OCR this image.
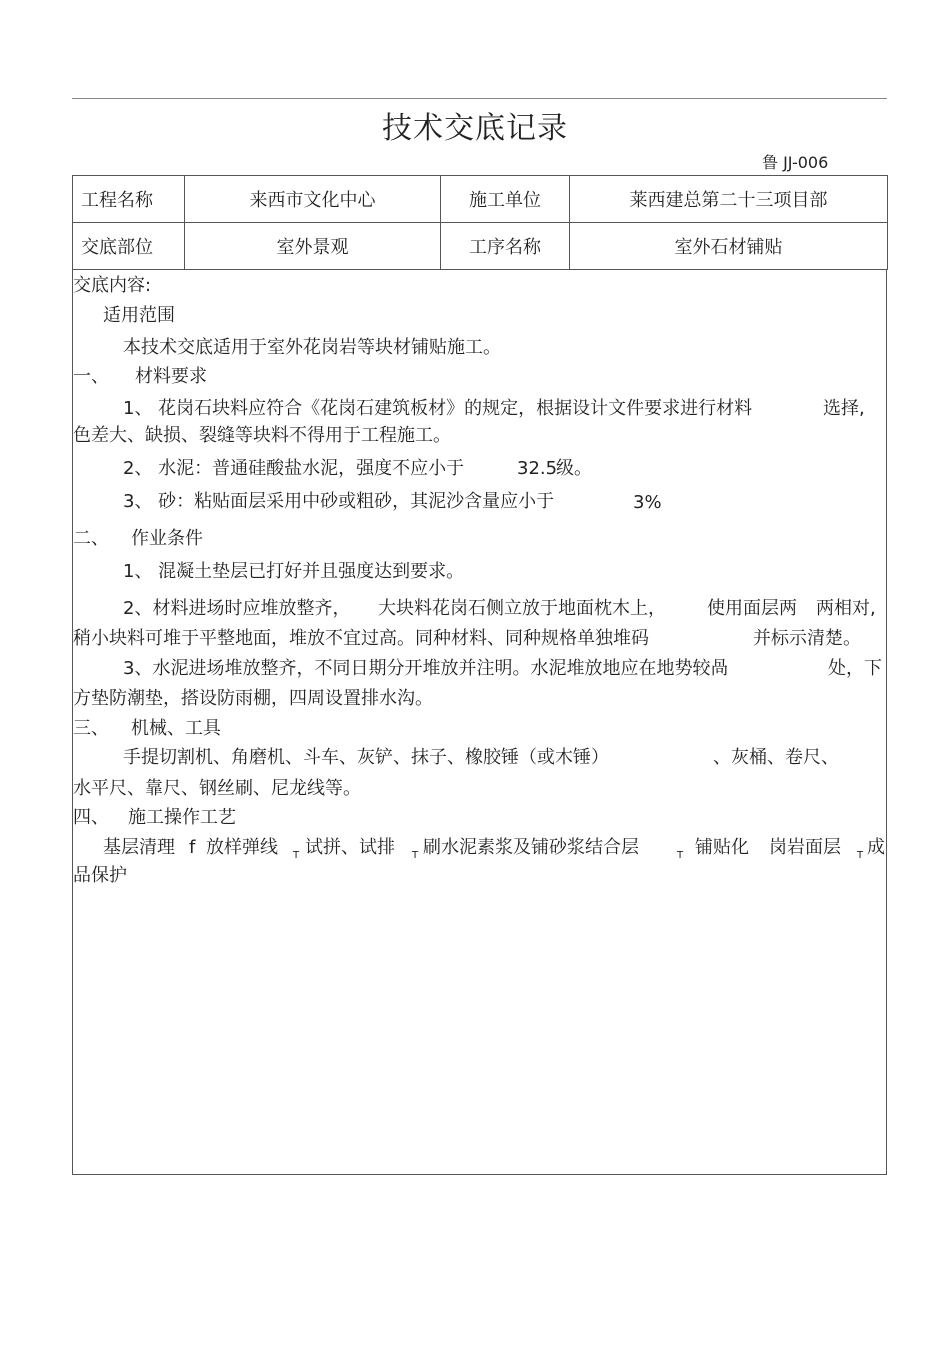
技术交底记录
鲁 JJ-006
工程名称	来西市文化中心	施工单位	莱西建总第二十三项目部
交底部位	室外景观	工序名称	室外石材铺贴
交底内容:
适用范围
本技术交底适用于室外花岗岩等块材铺贴施工。
一、 材料要求
1、 花岗石块料应符合《花岗石建筑板材》的规定，根据设计文件要求进行材料	选择,
色差大、缺损、裂缝等块料不得用于工程施工。
2、 水泥：普通硅酸盐水泥，强度不应小于	32.5
级。
3、 砂：粘贴面层采用中砂或粗砂，其泥沙含量应小于	3%
二、 作业条件
1、 混凝土垫层已打好并且强度达到要求。
2、材料进场时应堆放整齐， 大块料花岗石侧立放于地面枕木上， 使用面层两 两相对,
稍小块料可堆于平整地面，堆放不宜过高。同种材料、同种规格单独堆码	并标示清楚。
3、水泥进场堆放整齐，不同日期分开堆放并注明。水泥堆放地应在地势较咼	处，下
方垫防潮垫，搭设防雨棚，四周设置排水沟。
三、 机械、工具
手提切割机、角磨机、斗车、灰铲、抹子、橡胶锤（或木锤）	、灰桶、卷尺、
水平尺、靠尺、钢丝刷、尼龙线等。
四、 施工操作工艺
基层清理 f 放样弹线 T 试拼、试排 T 刷水泥素浆及铺砂浆结合层	T 铺贴化 岗岩面层 T 成
品保护
